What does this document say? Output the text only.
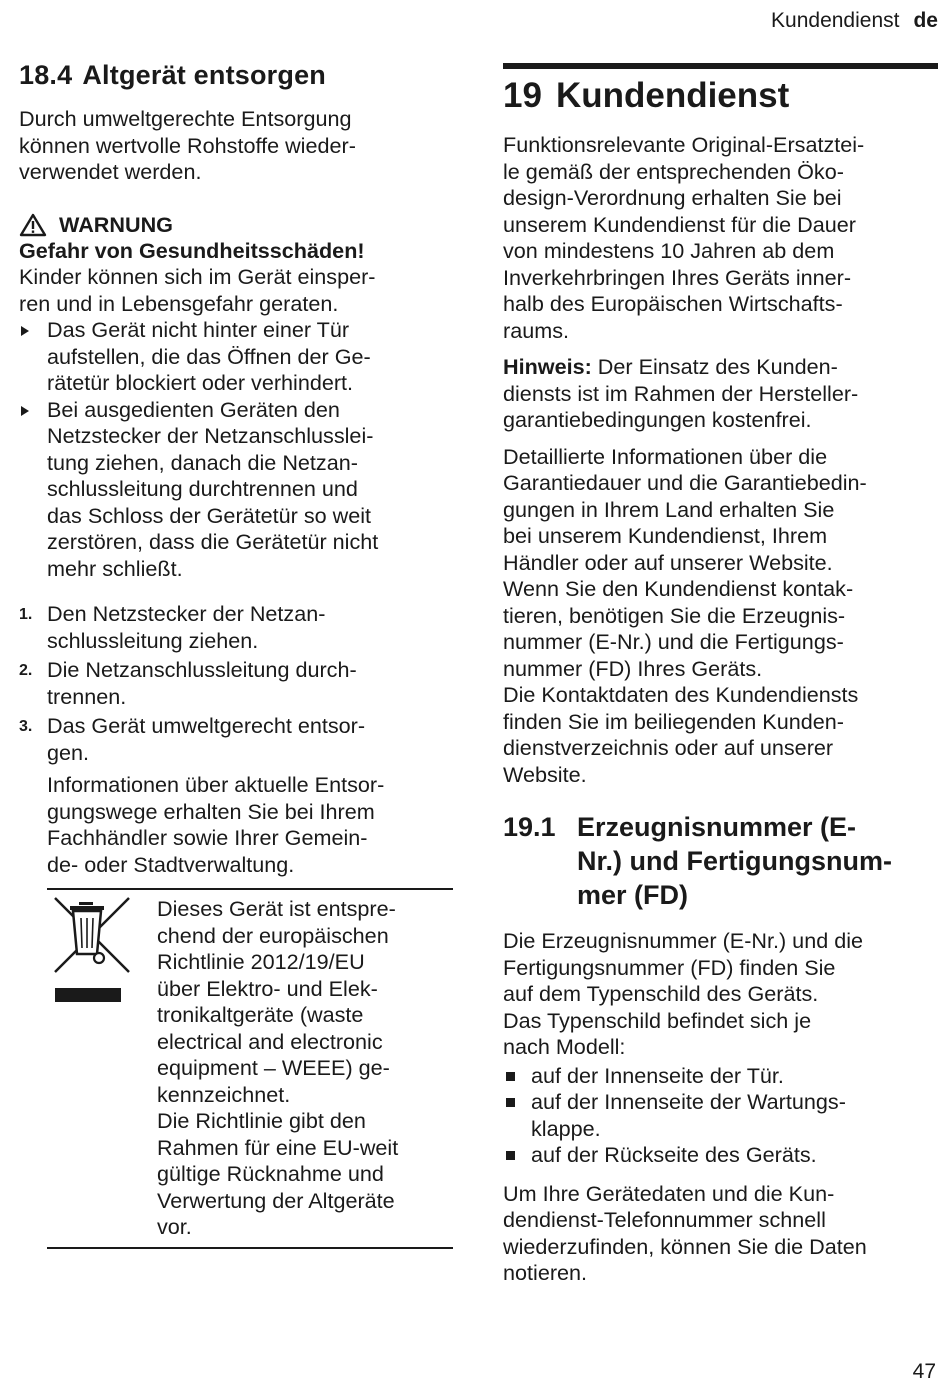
Kundendienst de
18.4 Altgerät entsorgen
Durch umweltgerechte Entsorgung
können wertvolle Rohstoffe wieder-
verwendet werden.
WARNUNG
Gefahr von Gesundheitsschäden!
Kinder können sich im Gerät einsper-
ren und in Lebensgefahr geraten.
Das Gerät nicht hinter einer Tür
aufstellen, die das Öffnen der Ge-
rätetür blockiert oder verhindert.
Bei ausgedienten Geräten den
Netzstecker der Netzanschlusslei-
tung ziehen, danach die Netzan-
schlussleitung durchtrennen und
das Schloss der Gerätetür so weit
zerstören, dass die Gerätetür nicht
mehr schließt.
1. Den Netzstecker der Netzan-
schlussleitung ziehen.
2. Die Netzanschlussleitung durch-
trennen.
3. Das Gerät umweltgerecht entsor-
gen.
Informationen über aktuelle Entsor-
gungswege erhalten Sie bei Ihrem
Fachhändler sowie Ihrer Gemein-
de- oder Stadtverwaltung.
Dieses Gerät ist entspre-
chend der europäischen
Richtlinie 2012/19/EU
über Elektro- und Elek-
tronikaltgeräte (waste
electrical and electronic
equipment – WEEE) ge-
kennzeichnet.
Die Richtlinie gibt den
Rahmen für eine EU-weit
gültige Rücknahme und
Verwertung der Altgeräte
vor.
19 Kundendienst
Funktionsrelevante Original-Ersatztei-
le gemäß der entsprechenden Öko-
design-Verordnung erhalten Sie bei
unserem Kundendienst für die Dauer
von mindestens 10 Jahren ab dem
Inverkehrbringen Ihres Geräts inner-
halb des Europäischen Wirtschafts-
raums.
Hinweis: Der Einsatz des Kunden-
diensts ist im Rahmen der Hersteller-
garantiebedingungen kostenfrei.
Detaillierte Informationen über die
Garantiedauer und die Garantiebedin-
gungen in Ihrem Land erhalten Sie
bei unserem Kundendienst, Ihrem
Händler oder auf unserer Website.
Wenn Sie den Kundendienst kontak-
tieren, benötigen Sie die Erzeugnis-
nummer (E-Nr.) und die Fertigungs-
nummer (FD) Ihres Geräts.
Die Kontaktdaten des Kundendiensts
finden Sie im beiliegenden Kunden-
dienstverzeichnis oder auf unserer
Website.
19.1 Erzeugnisnummer (E-
Nr.) und Fertigungsnum-
mer (FD)
Die Erzeugnisnummer (E-Nr.) und die
Fertigungsnummer (FD) finden Sie
auf dem Typenschild des Geräts.
Das Typenschild befindet sich je
nach Modell:
auf der Innenseite der Tür.
auf der Innenseite der Wartungs-
klappe.
auf der Rückseite des Geräts.
Um Ihre Gerätedaten und die Kun-
dendienst-Telefonnummer schnell
wiederzufinden, können Sie die Daten
notieren.
47
